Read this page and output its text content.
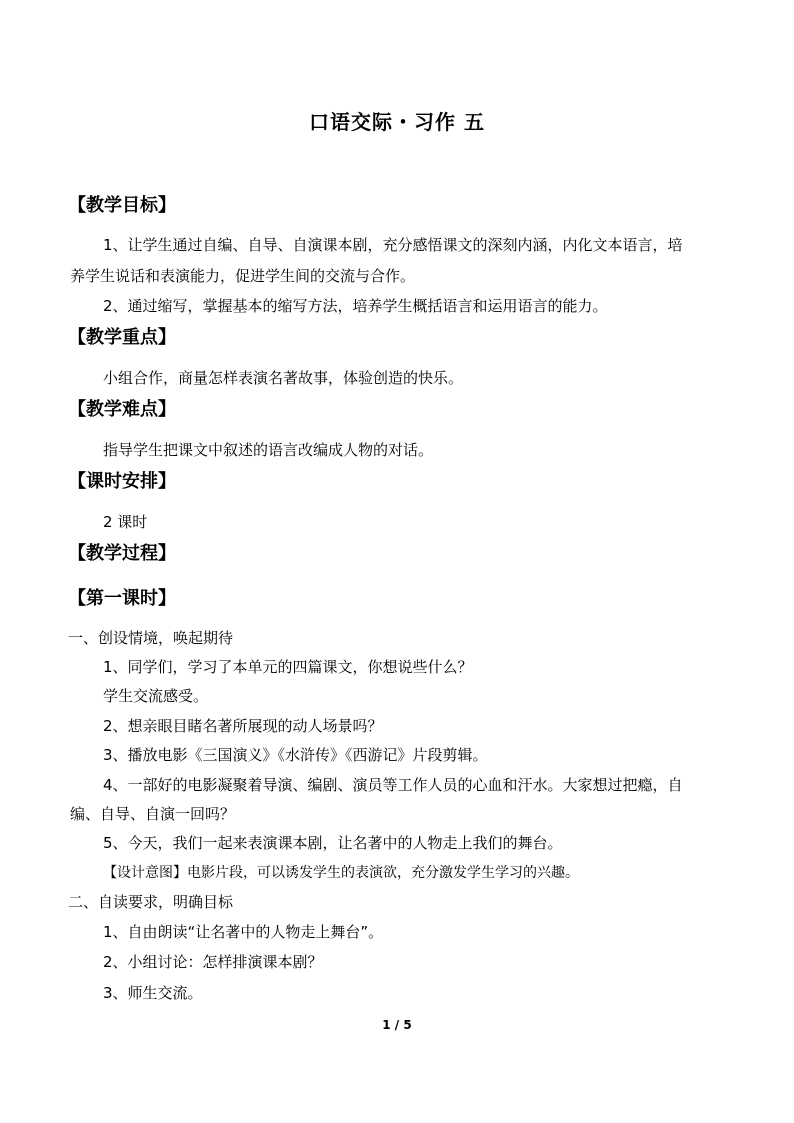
口语交际・习作 五
【教学目标】
1、让学生通过自编、自导、自演课本剧，充分感悟课文的深刻内涵，内化文本语言，培
养学生说话和表演能力，促进学生间的交流与合作。
2、通过缩写，掌握基本的缩写方法，培养学生概括语言和运用语言的能力。
【教学重点】
小组合作，商量怎样表演名著故事，体验创造的快乐。
【教学难点】
指导学生把课文中叙述的语言改编成人物的对话。
【课时安排】
2 课时
【教学过程】
【第一课时】
一、创设情境，唤起期待
1、同学们，学习了本单元的四篇课文，你想说些什么？
学生交流感受。
2、想亲眼目睹名著所展现的动人场景吗？
3、播放电影《三国演义》《水浒传》《西游记》片段剪辑。
4、一部好的电影凝聚着导演、编剧、演员等工作人员的心血和汗水。大家想过把瘾，自
编、自导、自演一回吗？
5、今天，我们一起来表演课本剧，让名著中的人物走上我们的舞台。
【设计意图】电影片段，可以诱发学生的表演欲，充分激发学生学习的兴趣。
二、自读要求，明确目标
1、自由朗读“让名著中的人物走上舞台”。
2、小组讨论：怎样排演课本剧？
3、师生交流。
1 / 5
